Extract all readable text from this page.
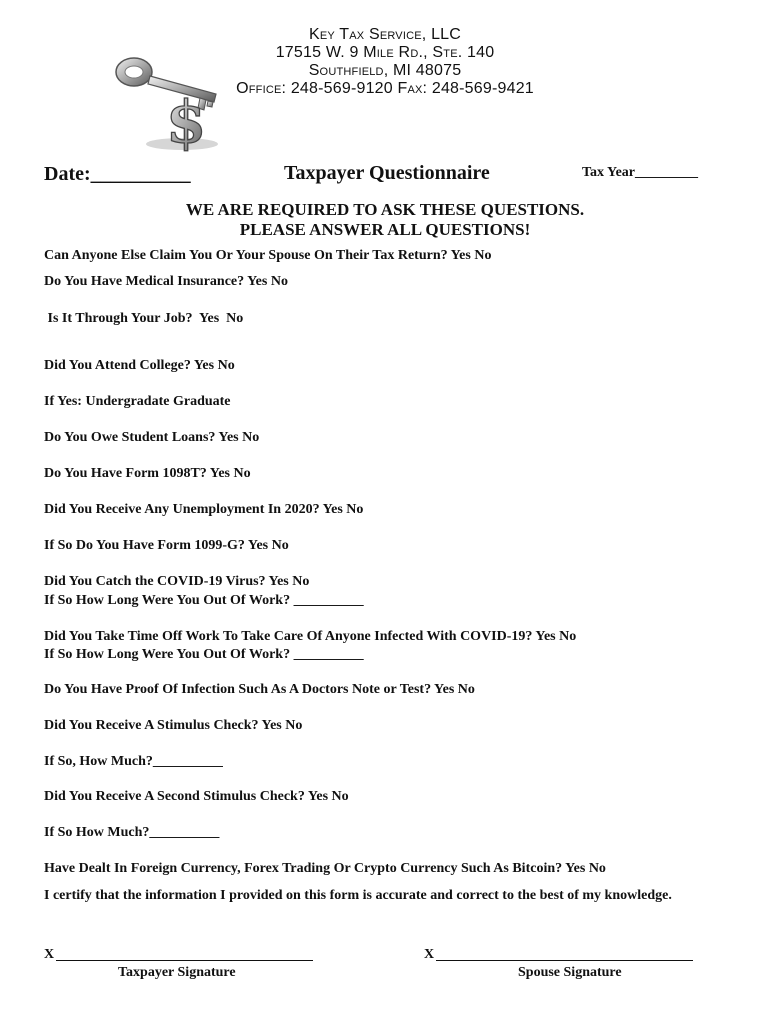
Key Tax Service, LLC
17515 W. 9 Mile Rd., Ste. 140
Southfield, MI 48075
Office: 248-569-9120 Fax: 248-569-9421
$
Date:__________	Taxpayer Questionnaire	Tax Year_________
WE ARE REQUIRED TO ASK THESE QUESTIONS.
PLEASE ANSWER ALL QUESTIONS!
Can Anyone Else Claim You Or Your Spouse On Their Tax Return? Yes No
Do You Have Medical Insurance? Yes No
Is It Through Your Job?  Yes  No
Did You Attend College? Yes No
If Yes: Undergradate Graduate
Do You Owe Student Loans? Yes No
Do You Have Form 1098T? Yes No
Did You Receive Any Unemployment In 2020? Yes No
If So Do You Have Form 1099-G? Yes No
Did You Catch the COVID-19 Virus? Yes No
If So How Long Were You Out Of Work? __________
Did You Take Time Off Work To Take Care Of Anyone Infected With COVID-19? Yes No
If So How Long Were You Out Of Work? __________
Do You Have Proof Of Infection Such As A Doctors Note or Test? Yes No
Did You Receive A Stimulus Check? Yes No
If So, How Much?__________
Did You Receive A Second Stimulus Check? Yes No
If So How Much?__________
Have Dealt In Foreign Currency, Forex Trading Or Crypto Currency Such As Bitcoin? Yes No
I certify that the information I provided on this form is accurate and correct to the best of my knowledge.
X
Taxpayer Signature
X
Spouse Signature
